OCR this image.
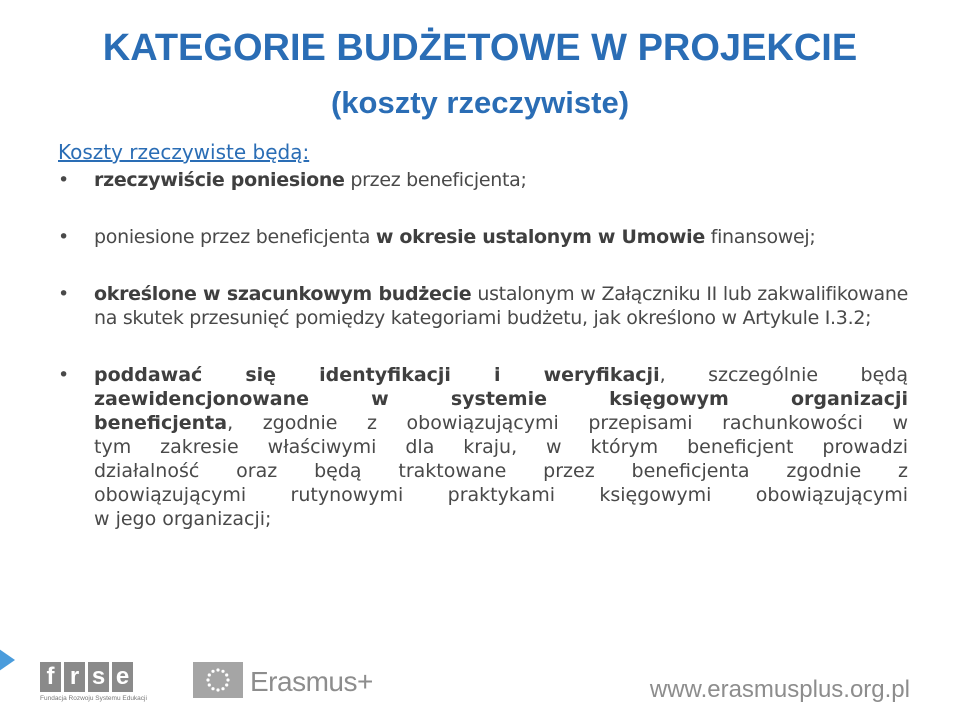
KATEGORIE BUDŻETOWE W PROJEKCIE
(koszty rzeczywiste)
Koszty rzeczywiste będą:
• rzeczywiście poniesione przez beneficjenta;
• poniesione przez beneficjenta w okresie ustalonym w Umowie finansowej;
• określone w szacunkowym budżecie ustalonym w Załączniku II lub zakwalifikowane na skutek przesunięć pomiędzy kategoriami budżetu, jak określono w Artykule I.3.2;
• poddawać się identyfikacji i weryfikacji, szczególnie będą
zaewidencjonowane w systemie księgowym organizacji
beneficjenta, zgodnie z obowiązującymi przepisami rachunkowości w
tym zakresie właściwymi dla kraju, w którym beneficjent prowadzi
działalność oraz będą traktowane przez beneficjenta zgodnie z
obowiązującymi rutynowymi praktykami księgowymi obowiązującymi
w jego organizacji;
f r s e
Fundacja Rozwoju Systemu Edukacji
Erasmus+	www.erasmusplus.org.pl
